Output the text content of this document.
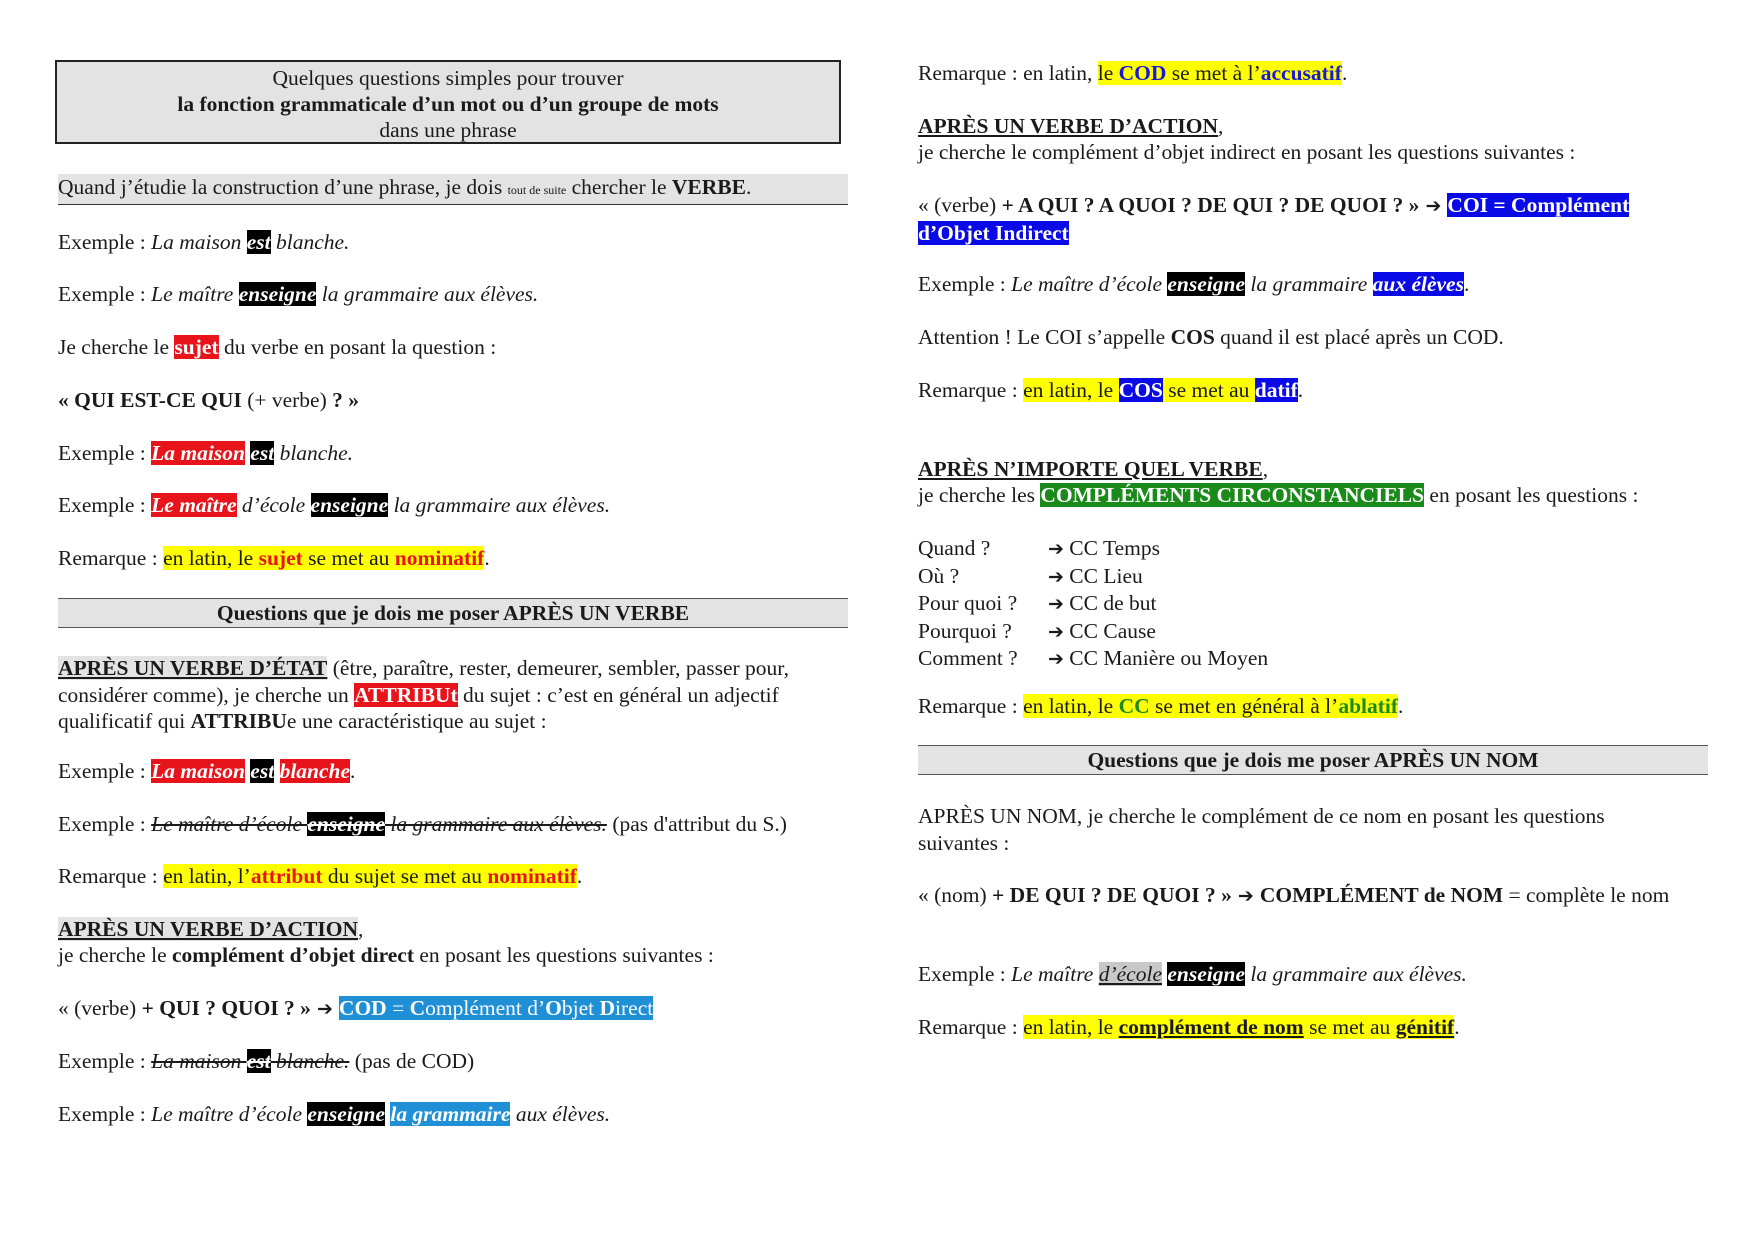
Quelques questions simples pour trouver
la fonction grammaticale d’un mot ou d’un groupe de mots
dans une phrase
Quand j’étudie la construction d’une phrase, je dois tout de suite chercher le VERBE.
Exemple : La maison est blanche.
Exemple : Le maître enseigne la grammaire aux élèves.
Je cherche le sujet du verbe en posant la question :
« QUI EST-CE QUI (+ verbe) ? »
Exemple : La maison est blanche.
Exemple : Le maître d’école enseigne la grammaire aux élèves.
Remarque : en latin, le sujet se met au nominatif.
Questions que je dois me poser APRÈS UN VERBE
APRÈS UN VERBE D’ÉTAT (être, paraître, rester, demeurer, sembler, passer pour, considérer comme), je cherche un ATTRIBUt du sujet : c’est en général un adjectif qualificatif qui ATTRIBUe une caractéristique au sujet :
Exemple : La maison est blanche.
Exemple : Le maître d’école enseigne la grammaire aux élèves. (pas d'attribut du S.)
Remarque : en latin, l’attribut du sujet se met au nominatif.
APRÈS UN VERBE D’ACTION,
je cherche le complément d’objet direct en posant les questions suivantes :
« (verbe) + QUI ? QUOI ? » ➔ COD = Complément d’Objet Direct
Exemple : La maison est blanche. (pas de COD)
Exemple : Le maître d’école enseigne la grammaire aux élèves.
Remarque : en latin, le COD se met à l’accusatif.
APRÈS UN VERBE D’ACTION,
je cherche le complément d’objet indirect en posant les questions suivantes :
« (verbe) + A QUI ? A QUOI ? DE QUI ? DE QUOI ? » ➔ COI = Complément
d’Objet Indirect
Exemple : Le maître d’école enseigne la grammaire aux élèves.
Attention ! Le COI s’appelle COS quand il est placé après un COD.
Remarque : en latin, le COS se met au datif.
APRÈS N’IMPORTE QUEL VERBE,
je cherche les COMPLÉMENTS CIRCONSTANCIELS en posant les questions :
Quand ?	➔ CC Temps
Où ?	➔ CC Lieu
Pour quoi ? ➔ CC de but
Pourquoi ? ➔ CC Cause
Comment ? ➔ CC Manière ou Moyen
Remarque : en latin, le CC se met en général à l’ablatif.
Questions que je dois me poser APRÈS UN NOM
APRÈS UN NOM, je cherche le complément de ce nom en posant les questions suivantes :
« (nom) + DE QUI ? DE QUOI ? » ➔ COMPLÉMENT de NOM = complète le nom
Exemple : Le maître d’école enseigne la grammaire aux élèves.
Remarque : en latin, le complément de nom se met au génitif.
